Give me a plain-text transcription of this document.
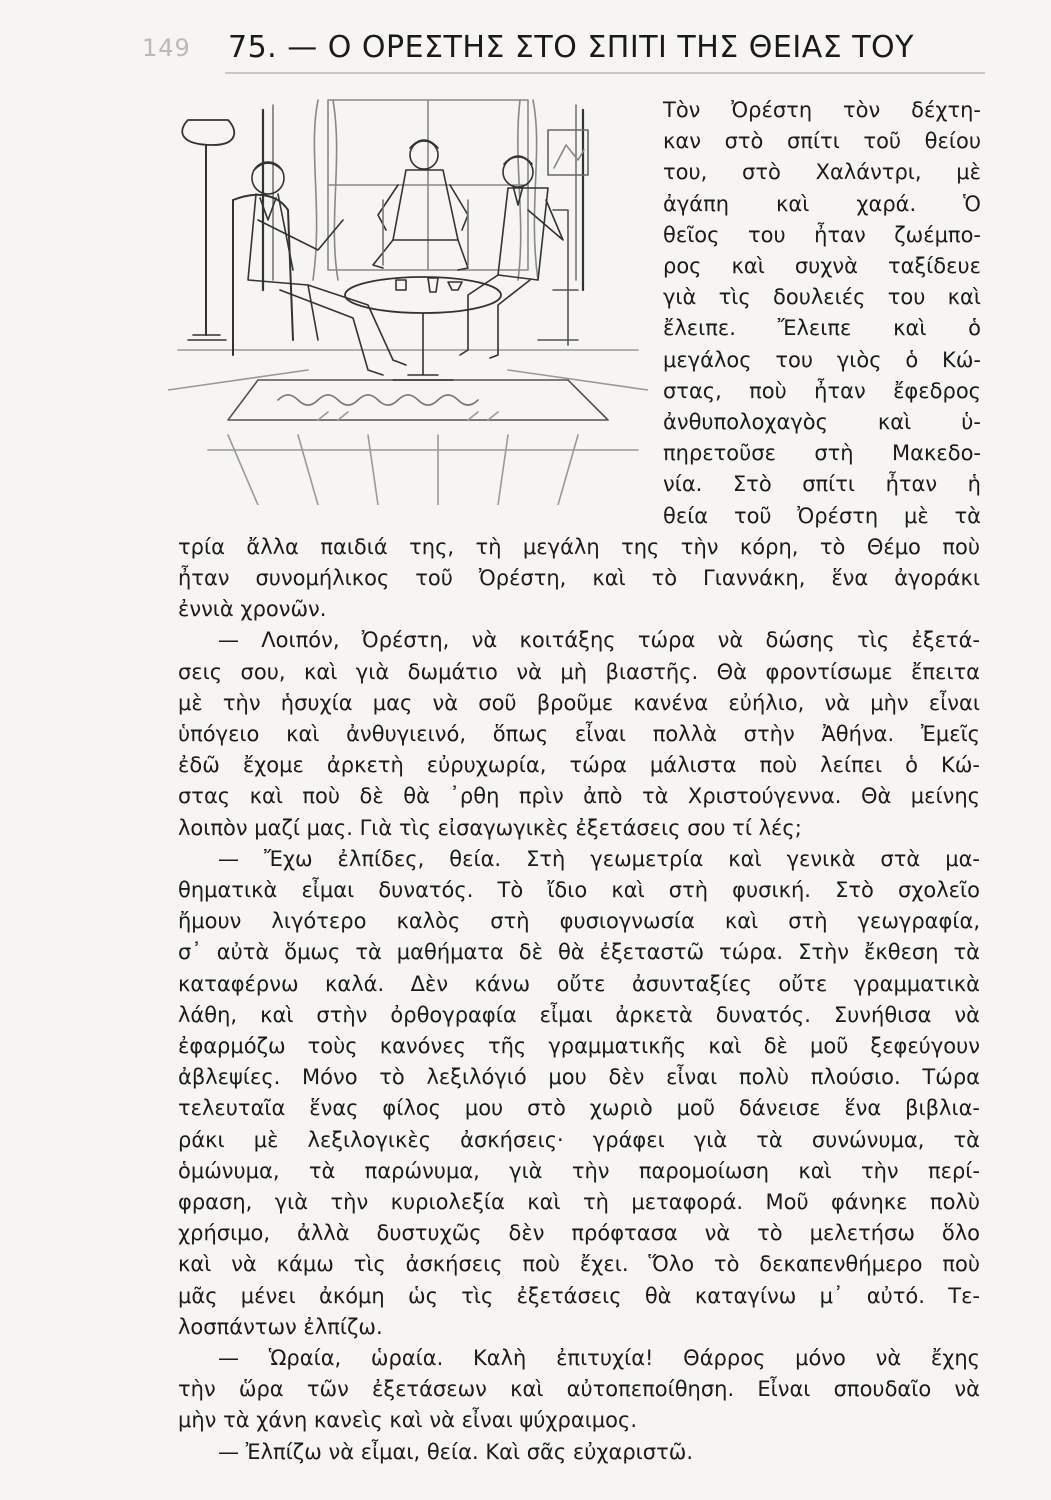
149 75. — Ο ΟΡΕΣΤΗΣ ΣΤΟ ΣΠΙΤΙ ΤΗΣ ΘΕΙΑΣ ΤΟΥ
Τὸν Ὀρέστη τὸν δέχτη-
καν στὸ σπίτι τοῦ θείου
του, στὸ Χαλάντρι, μὲ
ἀγάπη καὶ χαρά. Ὁ
θεῖος του ἦταν ζωέμπο-
ρος καὶ συχνὰ ταξίδευε
γιὰ τὶς δουλειές του καὶ
ἔλειπε. Ἔλειπε καὶ ὁ
μεγάλος του γιὸς ὁ Κώ-
στας, ποὺ ἦταν ἔφεδρος
ἀνθυπολοχαγὸς καὶ ὑ-
πηρετοῦσε στὴ Μακεδο-
νία. Στὸ σπίτι ἦταν ἡ
θεία τοῦ Ὀρέστη μὲ τὰ
τρία ἄλλα παιδιά της, τὴ μεγάλη της τὴν κόρη, τὸ Θέμο ποὺ
ἦταν συνομήλικος τοῦ Ὀρέστη, καὶ τὸ Γιαννάκη, ἕνα ἀγοράκι
ἐννιὰ χρονῶν.
— Λοιπόν, Ὀρέστη, νὰ κοιτάξης τώρα νὰ δώσης τὶς ἐξετά-
σεις σου, καὶ γιὰ δωμάτιο νὰ μὴ βιαστῆς. Θὰ φροντίσωμε ἔπειτα
μὲ τὴν ἡσυχία μας νὰ σοῦ βροῦμε κανένα εὐήλιο, νὰ μὴν εἶναι
ὑπόγειο καὶ ἀνθυγιεινό, ὅπως εἶναι πολλὰ στὴν Ἀθήνα. Ἐμεῖς
ἐδῶ ἔχομε ἀρκετὴ εὐρυχωρία, τώρα μάλιστα ποὺ λείπει ὁ Κώ-
στας καὶ ποὺ δὲ θὰ ᾿ρθη πρὶν ἀπὸ τὰ Χριστούγεννα. Θὰ μείνης
λοιπὸν μαζί μας. Γιὰ τὶς εἰσαγωγικὲς ἐξετάσεις σου τί λές;
— Ἔχω ἐλπίδες, θεία. Στὴ γεωμετρία καὶ γενικὰ στὰ μα-
θηματικὰ εἶμαι δυνατός. Τὸ ἴδιο καὶ στὴ φυσική. Στὸ σχολεῖο
ἤμουν λιγότερο καλὸς στὴ φυσιογνωσία καὶ στὴ γεωγραφία,
σ᾿ αὐτὰ ὅμως τὰ μαθήματα δὲ θὰ ἐξεταστῶ τώρα. Στὴν ἔκθεση τὰ
καταφέρνω καλά. Δὲν κάνω οὔτε ἀσυνταξίες οὔτε γραμματικὰ
λάθη, καὶ στὴν ὀρθογραφία εἶμαι ἀρκετὰ δυνατός. Συνήθισα νὰ
ἐφαρμόζω τοὺς κανόνες τῆς γραμματικῆς καὶ δὲ μοῦ ξεφεύγουν
ἀβλεψίες. Μόνο τὸ λεξιλόγιό μου δὲν εἶναι πολὺ πλούσιο. Τώρα
τελευταῖα ἕνας φίλος μου στὸ χωριὸ μοῦ δάνεισε ἕνα βιβλια-
ράκι μὲ λεξιλογικὲς ἀσκήσεις· γράφει γιὰ τὰ συνώνυμα, τὰ
ὁμώνυμα, τὰ παρώνυμα, γιὰ τὴν παρομοίωση καὶ τὴν περί-
φραση, γιὰ τὴν κυριολεξία καὶ τὴ μεταφορά. Μοῦ φάνηκε πολὺ
χρήσιμο, ἀλλὰ δυστυχῶς δὲν πρόφτασα νὰ τὸ μελετήσω ὅλο
καὶ νὰ κάμω τὶς ἀσκήσεις ποὺ ἔχει. Ὅλο τὸ δεκαπενθήμερο ποὺ
μᾶς μένει ἀκόμη ὡς τὶς ἐξετάσεις θὰ καταγίνω μ᾿ αὐτό. Τε-
λοσπάντων ἐλπίζω.
— Ὡραία, ὡραία. Καλὴ ἐπιτυχία! Θάρρος μόνο νὰ ἔχης
τὴν ὥρα τῶν ἐξετάσεων καὶ αὐτοπεποίθηση. Εἶναι σπουδαῖο νὰ
μὴν τὰ χάνη κανεὶς καὶ νὰ εἶναι ψύχραιμος.
— Ἐλπίζω νὰ εἶμαι, θεία. Καὶ σᾶς εὐχαριστῶ.
